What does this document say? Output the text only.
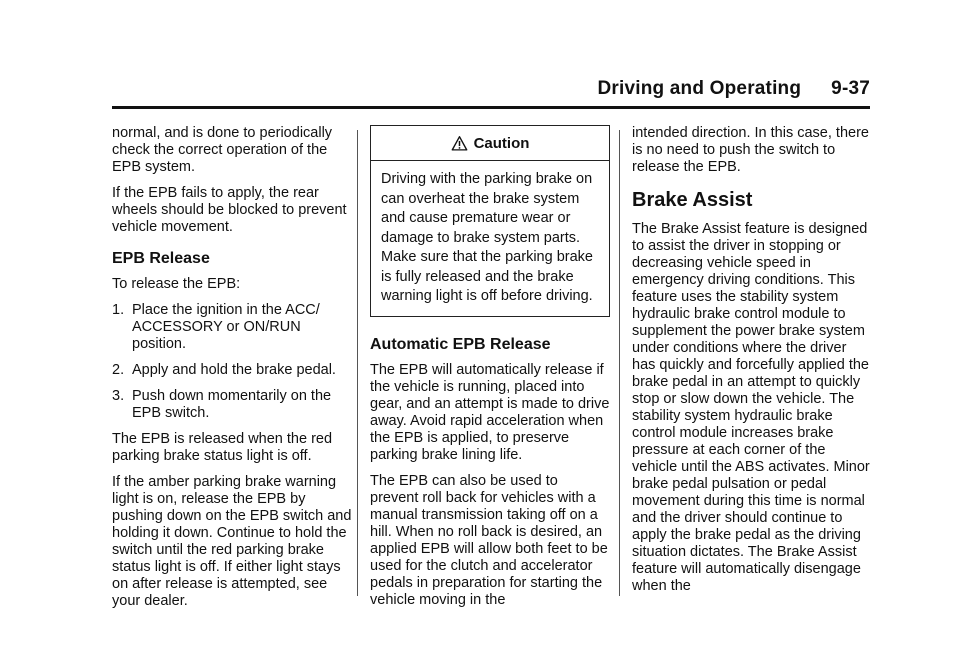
Driving and Operating 9-37

normal, and is done to periodically check the correct operation of the EPB system.

If the EPB fails to apply, the rear wheels should be blocked to prevent vehicle movement.

EPB Release

To release the EPB:

1. Place the ignition in the ACC/ ACCESSORY or ON/RUN position.
2. Apply and hold the brake pedal.
3. Push down momentarily on the EPB switch.

The EPB is released when the red parking brake status light is off.

If the amber parking brake warning light is on, release the EPB by pushing down on the EPB switch and holding it down. Continue to hold the switch until the red parking brake status light is off. If either light stays on after release is attempted, see your dealer.

Caution

Driving with the parking brake on can overheat the brake system and cause premature wear or damage to brake system parts. Make sure that the parking brake is fully released and the brake warning light is off before driving.

Automatic EPB Release

The EPB will automatically release if the vehicle is running, placed into gear, and an attempt is made to drive away. Avoid rapid acceleration when the EPB is applied, to preserve parking brake lining life.

The EPB can also be used to prevent roll back for vehicles with a manual transmission taking off on a hill. When no roll back is desired, an applied EPB will allow both feet to be used for the clutch and accelerator pedals in preparation for starting the vehicle moving in the

intended direction. In this case, there is no need to push the switch to release the EPB.

Brake Assist

The Brake Assist feature is designed to assist the driver in stopping or decreasing vehicle speed in emergency driving conditions. This feature uses the stability system hydraulic brake control module to supplement the power brake system under conditions where the driver has quickly and forcefully applied the brake pedal in an attempt to quickly stop or slow down the vehicle. The stability system hydraulic brake control module increases brake pressure at each corner of the vehicle until the ABS activates. Minor brake pedal pulsation or pedal movement during this time is normal and the driver should continue to apply the brake pedal as the driving situation dictates. The Brake Assist feature will automatically disengage when the
